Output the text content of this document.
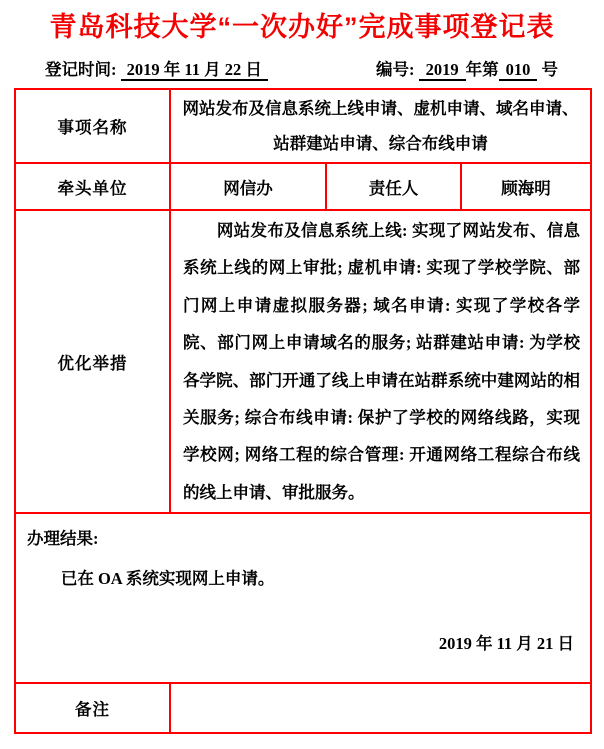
青岛科技大学“一次办好”完成事项登记表
登记时间: 2019 年 11 月 22 日	编号: 2019 年第 010 号
事项名称	网站发布及信息系统上线申请、虚机申请、域名申请、
站群建站申请、综合布线申请		

牵头单位	网信办	责任人	顾海明
优化举措	网站发布及信息系统上线: 实现了网站发布、信息系统上线的网上审批; 虚机申请: 实现了学校学院、部门网上申请虚拟服务器; 域名申请: 实现了学校各学院、部门网上申请域名的服务; 站群建站申请: 为学校各学院、部门开通了线上申请在站群系统中建网站的相关服务; 综合布线申请: 保护了学校的网络线路，实现学校网; 网络工程的综合管理: 开通网络工程综合布线的线上申请、审批服务。		

办理结果:
已在 OA 系统实现网上申请。
2019 年 11 月 21 日			

备注			
